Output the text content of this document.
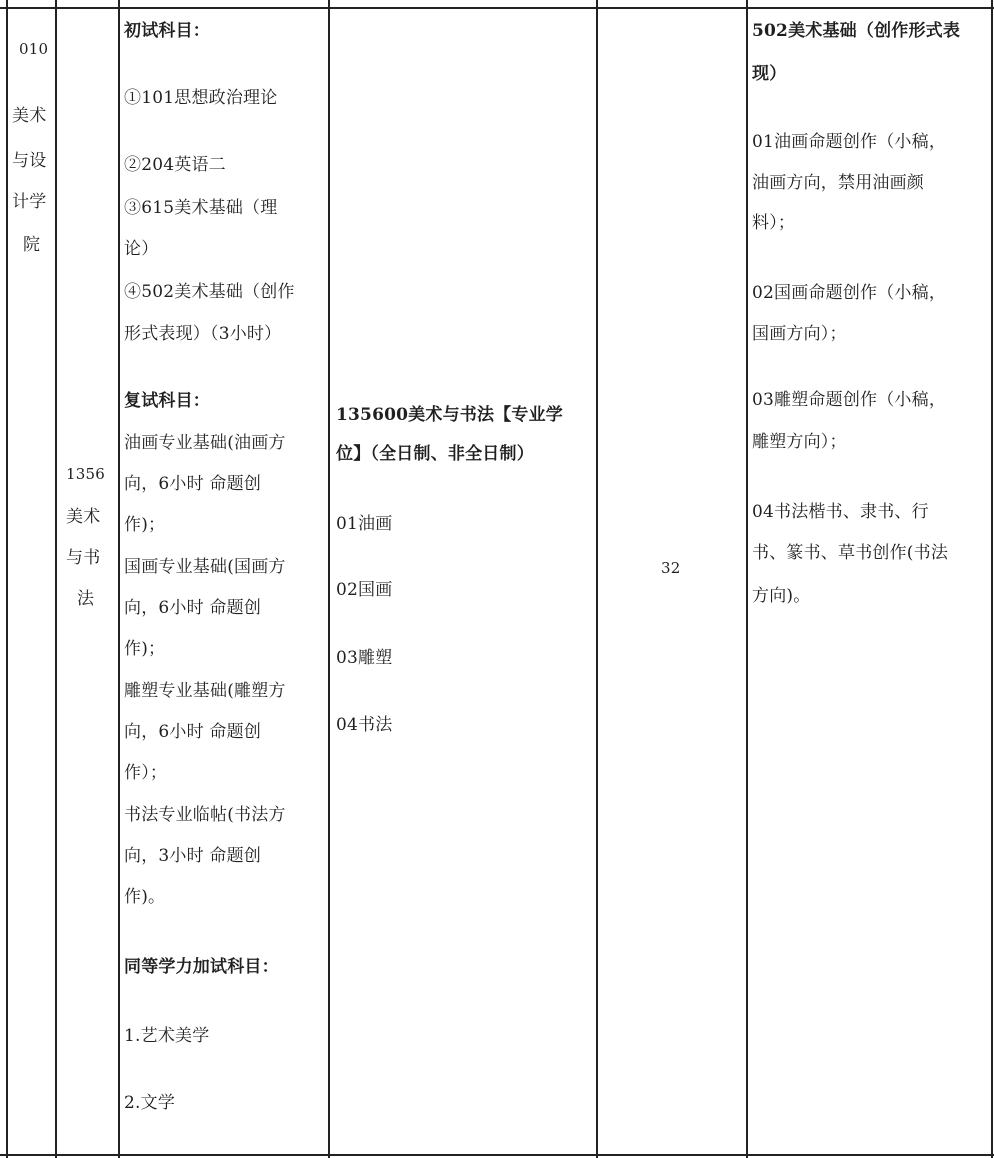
010
美术
与设
计学
院
1356
美术
与书
法
初试科目：
①101思想政治理论
②204英语二
③615美术基础（理
论）
④502美术基础（创作
形式表现）（3小时）
复试科目：
油画专业基础(油画方
向，6小时 命题创
作)；
国画专业基础(国画方
向，6小时 命题创
作)；
雕塑专业基础(雕塑方
向，6小时 命题创
作）；
书法专业临帖(书法方
向，3小时 命题创
作)。
同等学力加试科目：
1.艺术美学
2.文学
135600美术与书法【专业学
位】（全日制、非全日制）
01油画
02国画
03雕塑
04书法
32
502美术基础（创作形式表
现）
01油画命题创作（小稿，
油画方向，禁用油画颜
料）；
02国画命题创作（小稿，
国画方向）；
03雕塑命题创作（小稿，
雕塑方向）；
04书法楷书、隶书、行
书、篆书、草书创作(书法
方向)。
